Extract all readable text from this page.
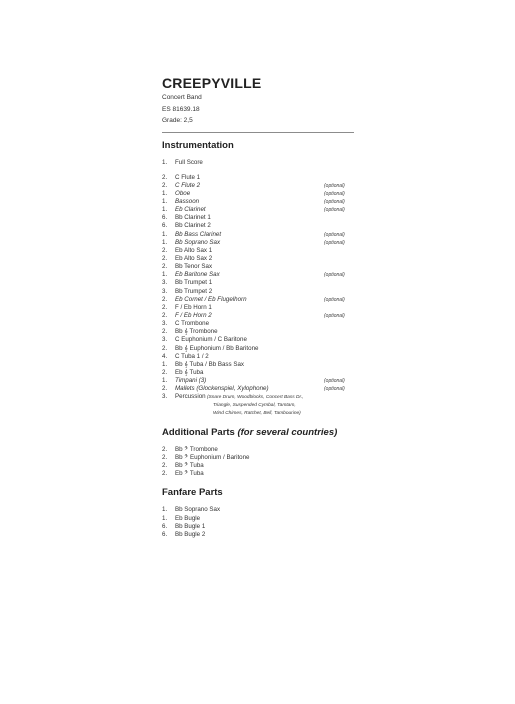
CREEPYVILLE
Concert Band
ES 81639.18
Grade: 2,5
Instrumentation
1.	Full Score
2.	C Flute 1
2.	C Flute 2	(optional)
1.	Oboe	(optional)
1.	Bassoon	(optional)
1.	Eb Clarinet	(optional)
6.	Bb Clarinet 1
6.	Bb Clarinet 2
1.	Bb Bass Clarinet	(optional)
1.	Bb Soprano Sax	(optional)
2.	Eb Alto Sax 1
2.	Eb Alto Sax 2
2.	Bb Tenor Sax
1.	Eb Baritone Sax	(optional)
3.	Bb Trumpet 1
3.	Bb Trumpet 2
2.	Eb Cornet / Eb Flugelhorn	(optional)
2.	F / Eb Horn 1
2.	F / Eb Horn 2	(optional)
3.	C Trombone
2.	Bb 𝄞 Trombone
3.	C Euphonium / C Baritone
2.	Bb 𝄞 Euphonium / Bb Baritone
4.	C Tuba 1 / 2
1.	Bb 𝄞 Tuba / Bb Bass Sax
2.	Eb 𝄞 Tuba
1.	Timpani (3)	(optional)
2.	Mallets (Glockenspiel, Xylophone)	(optional)
3.	Percussion (Snare Drum, Woodblocks, Concert Bass Dr.,
Triangle, Suspended Cymbal, Tamtam,
Wind Chimes, Ratchet, Bell, Tambourine)
Additional Parts (for several countries)
2.	Bb 𝄢 Trombone
2.	Bb 𝄢 Euphonium / Baritone
2.	Bb 𝄢 Tuba
2.	Eb 𝄢 Tuba
Fanfare Parts
1.	Bb Soprano Sax
1.	Eb Bugle
6.	Bb Bugle 1
6.	Bb Bugle 2
